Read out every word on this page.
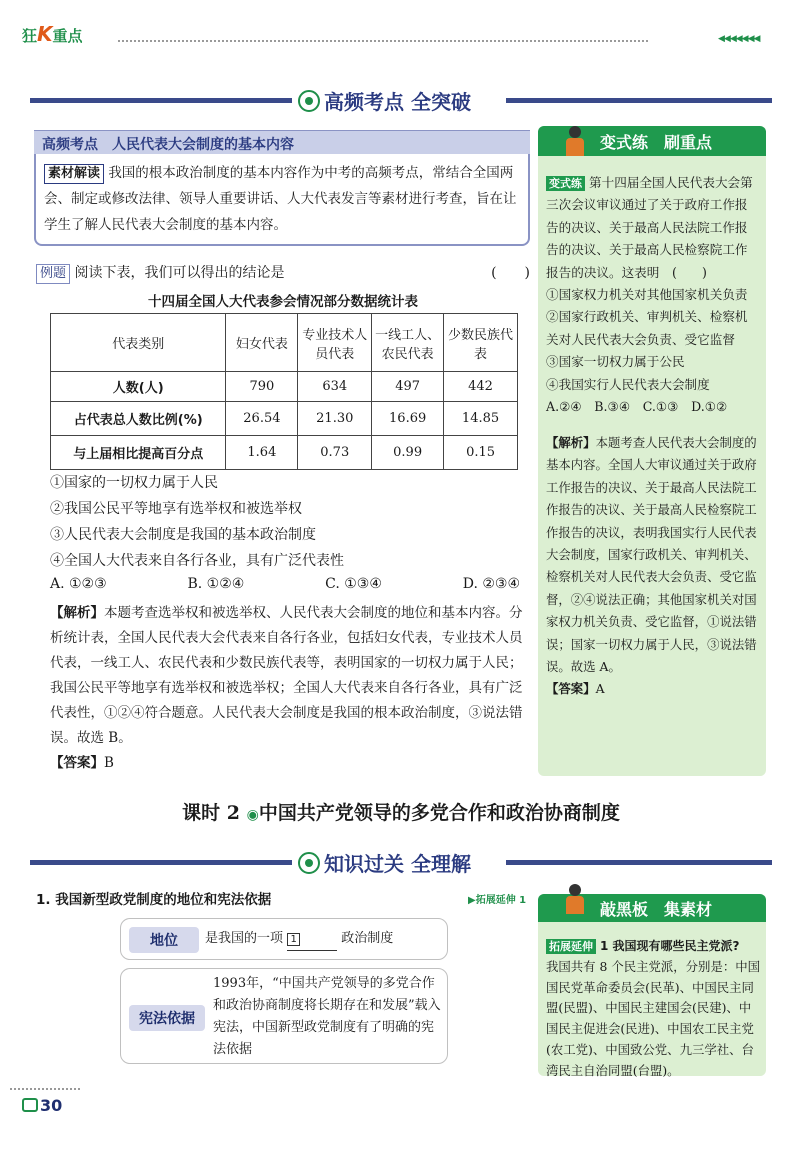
狂K重点	◀◀◀◀◀◀◀
高频考点 全突破
高频考点　人民代表大会制度的基本内容
素材解读 我国的根本政治制度的基本内容作为中考的高频考点，常结合全国两会、制定或修改法律、领导人重要讲话、人大代表发言等素材进行考查，旨在让学生了解人民代表大会制度的基本内容。
例题 阅读下表，我们可以得出的结论是	(　　)
十四届全国人大代表参会情况部分数据统计表
代表类别	妇女代表	专业技术人员代表	一线工人、农民代表	少数民族代表
人数(人)	790	634	497	442
占代表总人数比例(%)	26.54	21.30	16.69	14.85
与上届相比提高百分点	1.64	0.73	0.99	0.15
①国家的一切权力属于人民
②我国公民平等地享有选举权和被选举权
③人民代表大会制度是我国的基本政治制度
④全国人大代表来自各行各业，具有广泛代表性
A. ①②③	B. ①②④	C. ①③④	D. ②③④
【解析】本题考查选举权和被选举权、人民代表大会制度的地位和基本内容。分析统计表，全国人民代表大会代表来自各行各业，包括妇女代表，专业技术人员代表，一线工人、农民代表和少数民族代表等，表明国家的一切权力属于人民；我国公民平等地享有选举权和被选举权；全国人大代表来自各行各业，具有广泛代表性，①②④符合题意。人民代表大会制度是我国的根本政治制度，③说法错误。故选 B。
【答案】B
变式练　刷重点
变式练 第十四届全国人民代表大会第三次会议审议通过了关于政府工作报告的决议、关于最高人民法院工作报告的决议、关于最高人民检察院工作报告的决议。这表明　(　　)
①国家权力机关对其他国家机关负责
②国家行政机关、审判机关、检察机关对人民代表大会负责、受它监督
③国家一切权力属于公民
④我国实行人民代表大会制度
A.②④　B.③④　C.①③　D.①②
【解析】本题考查人民代表大会制度的基本内容。全国人大审议通过关于政府工作报告的决议、关于最高人民法院工作报告的决议、关于最高人民检察院工作报告的决议，表明我国实行人民代表大会制度，国家行政机关、审判机关、检察机关对人民代表大会负责、受它监督，②④说法正确；其他国家机关对国家权力机关负责、受它监督，①说法错误；国家一切权力属于人民，③说法错误。故选 A。
【答案】A
课时 2 ◉中国共产党领导的多党合作和政治协商制度
知识过关 全理解
1. 我国新型政党制度的地位和宪法依据	▶拓展延伸 1
地位	是我国的一项 1	政治制度
宪法依据
1993年，“中国共产党领导的多党合作和政治协商制度将长期存在和发展”载入宪法，中国新型政党制度有了明确的宪法依据
敲黑板　集素材
拓展延伸 1 我国现有哪些民主党派?
我国共有 8 个民主党派，分别是：中国国民党革命委员会(民革)、中国民主同盟(民盟)、中国民主建国会(民建)、中国民主促进会(民进)、中国农工民主党(农工党)、中国致公党、九三学社、台湾民主自治同盟(台盟)。
30
